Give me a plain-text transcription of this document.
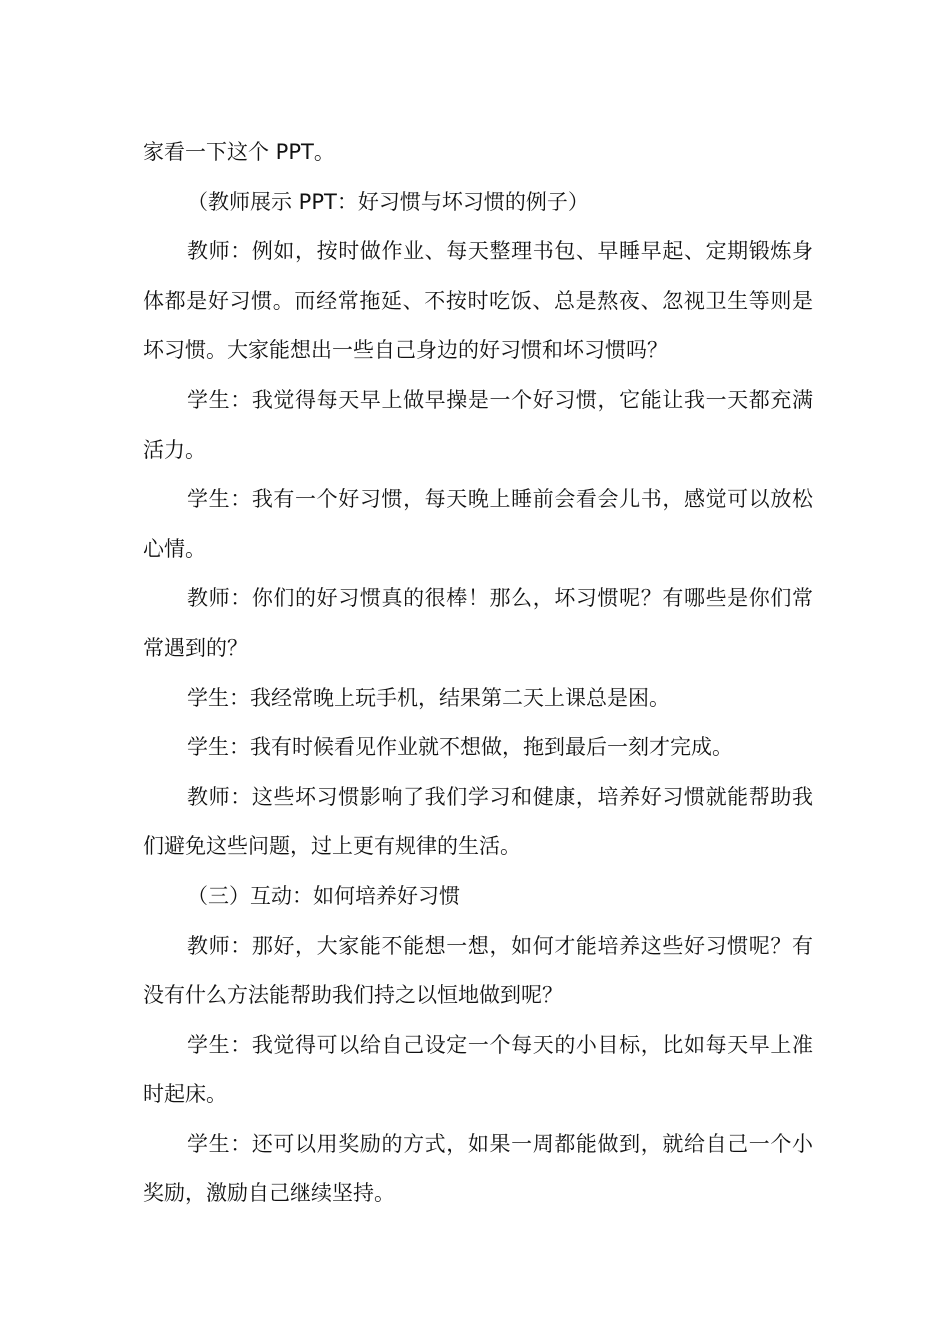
家看一下这个 PPT。

（教师展示 PPT：好习惯与坏习惯的例子）

教师：例如，按时做作业、每天整理书包、早睡早起、定期锻炼身体都是好习惯。而经常拖延、不按时吃饭、总是熬夜、忽视卫生等则是坏习惯。大家能想出一些自己身边的好习惯和坏习惯吗？

学生：我觉得每天早上做早操是一个好习惯，它能让我一天都充满活力。

学生：我有一个好习惯，每天晚上睡前会看会儿书，感觉可以放松心情。

教师：你们的好习惯真的很棒！那么，坏习惯呢？有哪些是你们常常遇到的？

学生：我经常晚上玩手机，结果第二天上课总是困。

学生：我有时候看见作业就不想做，拖到最后一刻才完成。

教师：这些坏习惯影响了我们学习和健康，培养好习惯就能帮助我们避免这些问题，过上更有规律的生活。

（三）互动：如何培养好习惯

教师：那好，大家能不能想一想，如何才能培养这些好习惯呢？有没有什么方法能帮助我们持之以恒地做到呢？

学生：我觉得可以给自己设定一个每天的小目标，比如每天早上准时起床。

学生：还可以用奖励的方式，如果一周都能做到，就给自己一个小奖励，激励自己继续坚持。
